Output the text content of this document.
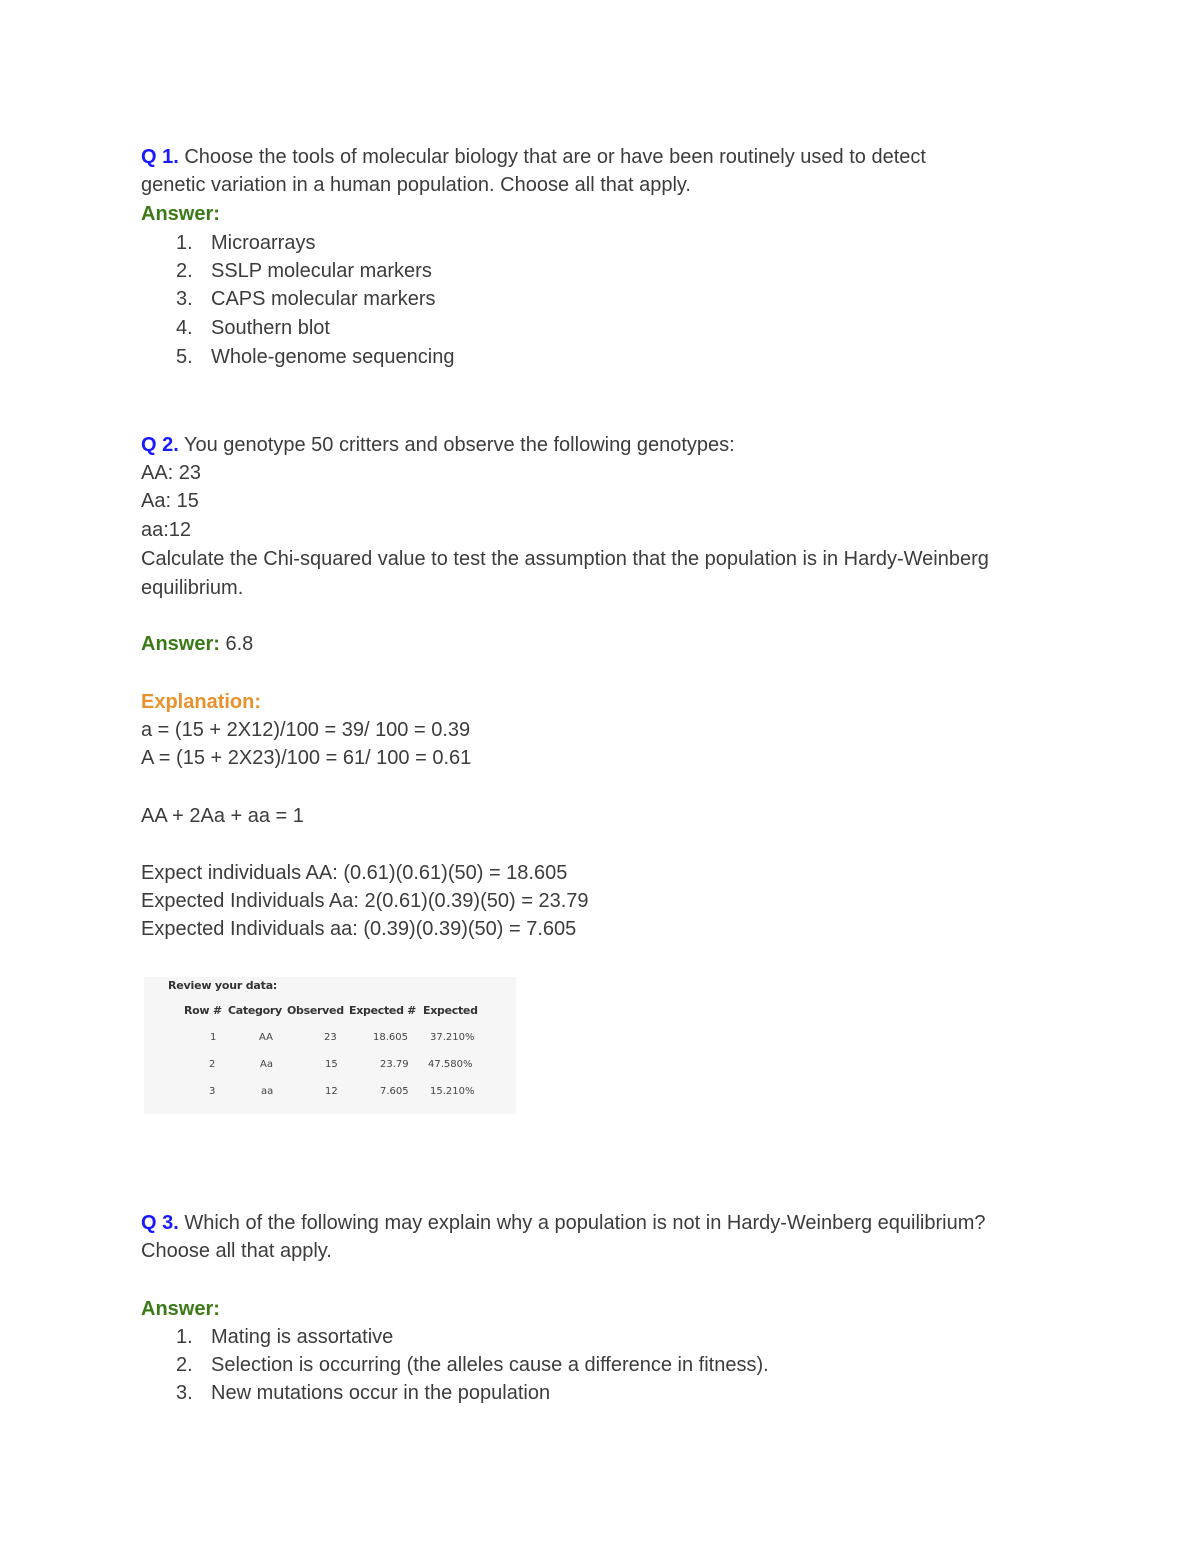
Q 1. Choose the tools of molecular biology that are or have been routinely used to detect
genetic variation in a human population. Choose all that apply.
Answer:
1. Microarrays
2. SSLP molecular markers
3. CAPS molecular markers
4. Southern blot
5. Whole-genome sequencing
Q 2. You genotype 50 critters and observe the following genotypes:
AA: 23
Aa: 15
aa:12
Calculate the Chi-squared value to test the assumption that the population is in Hardy-Weinberg
equilibrium.
Answer: 6.8
Explanation:
a = (15 + 2X12)/100 = 39/ 100 = 0.39
A = (15 + 2X23)/100 = 61/ 100 = 0.61
AA + 2Aa + aa = 1
Expect individuals AA: (0.61)(0.61)(50) = 18.605
Expected Individuals Aa: 2(0.61)(0.39)(50) = 23.79
Expected Individuals aa: (0.39)(0.39)(50) = 7.605
Review your data:
Row # Category Observed Expected # Expected
1	AA	23	18.605 37.210%
2	Aa	15	23.79 47.580%
3	aa	12	7.605 15.210%
Q 3. Which of the following may explain why a population is not in Hardy-Weinberg equilibrium?
Choose all that apply.
Answer:
1. Mating is assortative
2. Selection is occurring (the alleles cause a difference in fitness).
3. New mutations occur in the population
